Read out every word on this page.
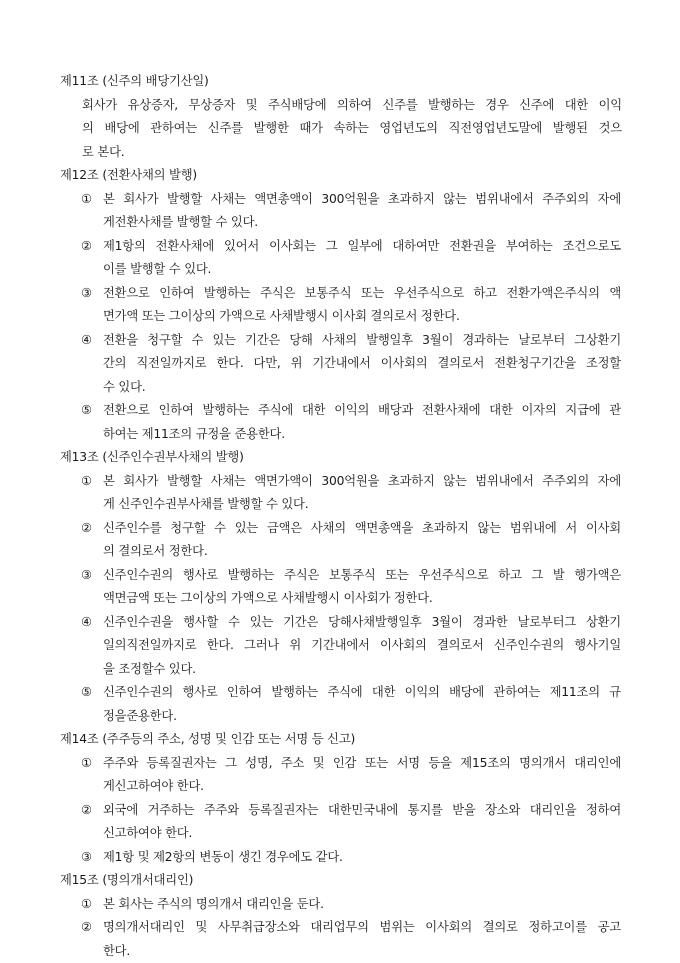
제11조 (신주의 배당기산일)
회사가 유상증자, 무상증자 및 주식배당에 의하여 신주를 발행하는 경우 신주에 대한 이익
의 배당에 관하여는 신주를 발행한 때가 속하는 영업년도의 직전영업년도말에 발행된 것으
로 본다.
제12조 (전환사채의 발행)
① 본 회사가 발행할 사채는 액면총액이 300억원을 초과하지 않는 범위내에서 주주외의 자에
게전환사채를 발행할 수 있다.
② 제1항의 전환사채에 있어서 이사회는 그 일부에 대하여만 전환권을 부여하는 조건으로도
이를 발행할 수 있다.
③ 전환으로 인하여 발행하는 주식은 보통주식 또는 우선주식으로 하고 전환가액은주식의 액
면가액 또는 그이상의 가액으로 사채발행시 이사회 결의로서 정한다.
④ 전환을 청구할 수 있는 기간은 당해 사채의 발행일후 3월이 경과하는 날로부터 그상환기
간의 직전일까지로 한다. 다만, 위 기간내에서 이사회의 결의로서 전환청구기간을 조정할
수 있다.
⑤ 전환으로 인하여 발행하는 주식에 대한 이익의 배당과 전환사채에 대한 이자의 지급에 관
하여는 제11조의 규정을 준용한다.
제13조 (신주인수권부사채의 발행)
① 본 회사가 발행할 사채는 액면가액이 300억원을 초과하지 않는 범위내에서 주주외의 자에
게 신주인수권부사채를 발행할 수 있다.
② 신주인수를 청구할 수 있는 금액은 사채의 액면총액을 초과하지 않는 범위내에 서 이사회
의 결의로서 정한다.
③ 신주인수권의 행사로 발행하는 주식은 보통주식 또는 우선주식으로 하고 그 발 행가액은
액면금액 또는 그이상의 가액으로 사채발행시 이사회가 정한다.
④ 신주인수권을 행사할 수 있는 기간은 당해사채발행일후 3월이 경과한 날로부터그 상환기
일의직전일까지로 한다. 그러나 위 기간내에서 이사회의 결의로서 신주인수권의 행사기일
을 조정할수 있다.
⑤ 신주인수권의 행사로 인하여 발행하는 주식에 대한 이익의 배당에 관하여는 제11조의 규
정을준용한다.
제14조 (주주등의 주소, 성명 및 인감 또는 서명 등 신고)
① 주주와 등록질권자는 그 성명, 주소 및 인감 또는 서명 등을 제15조의 명의개서 대리인에
게신고하여야 한다.
② 외국에 거주하는 주주와 등록질권자는 대한민국내에 통지를 받을 장소와 대리인을 정하여
신고하여야 한다.
③ 제1항 및 제2항의 변동이 생긴 경우에도 같다.
제15조 (명의개서대리인)
① 본 회사는 주식의 명의개서 대리인을 둔다.
② 명의개서대리인 및 사무취급장소와 대리업무의 범위는 이사회의 결의로 정하고이를 공고
한다.
